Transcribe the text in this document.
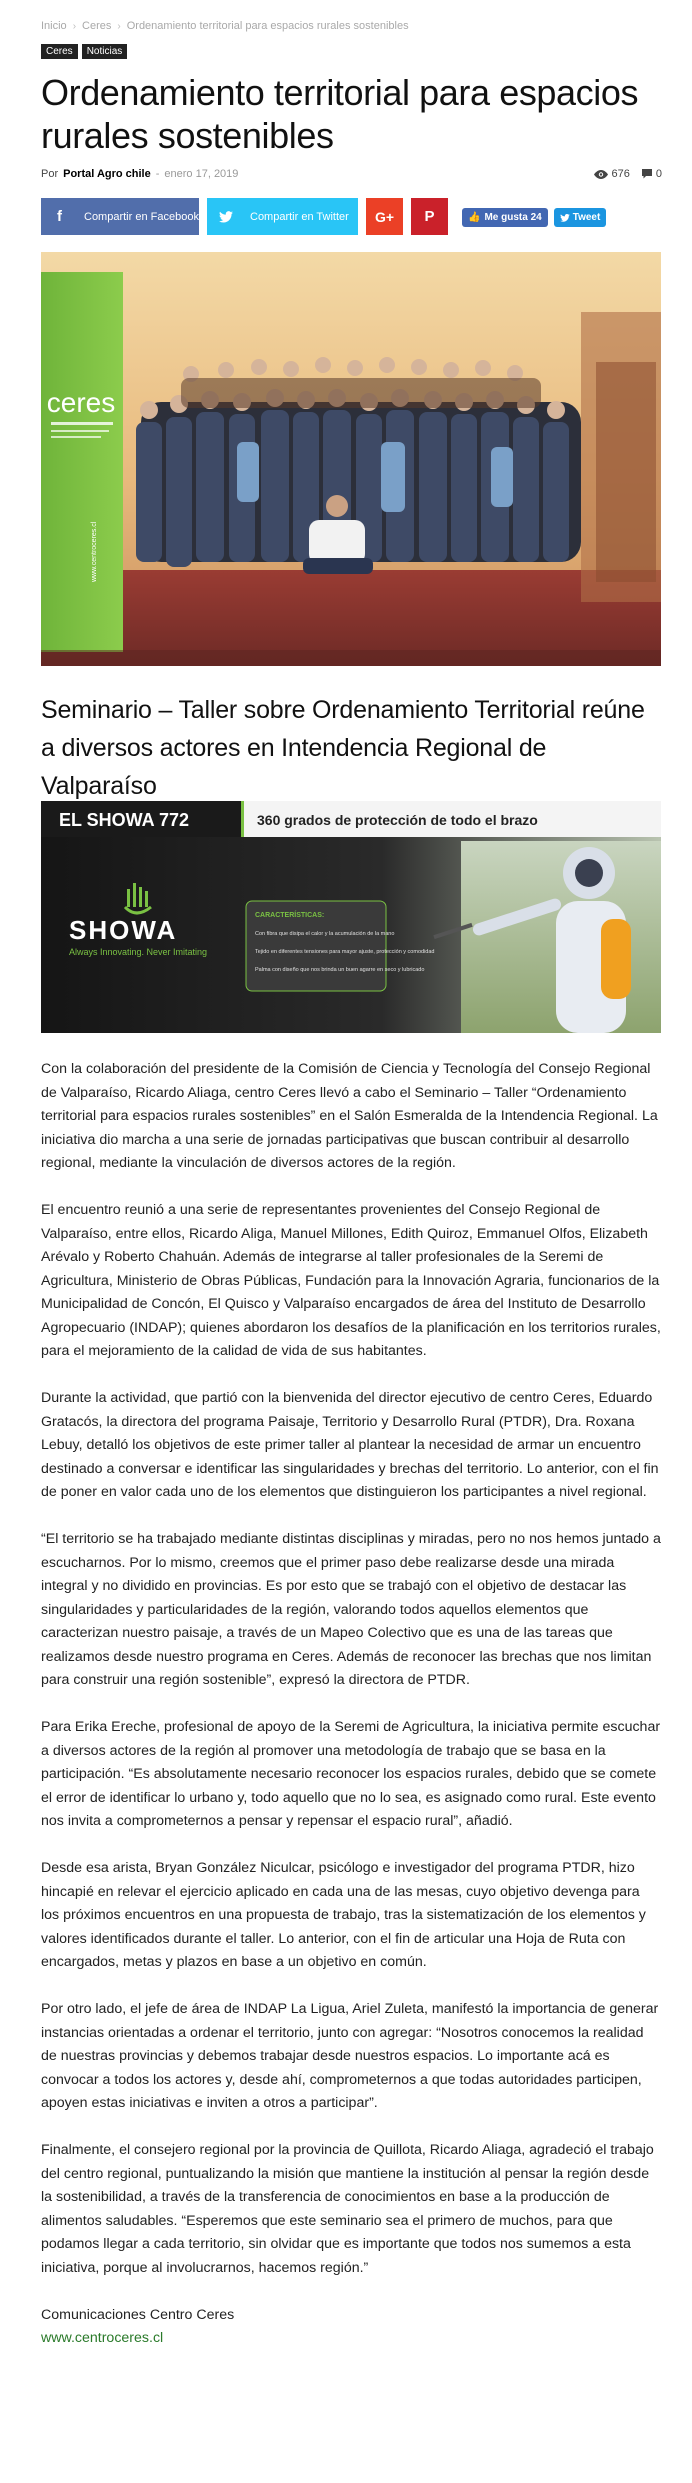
Inicio › Ceres › Ordenamiento territorial para espacios rurales sostenibles
Ceres	Noticias
Ordenamiento territorial para espacios rurales sostenibles
Por Portal Agro chile - enero 17, 2019	676 0
f	Compartir en Facebook	Compartir en Twitter G+ P	👍 Me gusta 24	Tweet
ceres
www.centroceres.cl
Seminario – Taller sobre Ordenamiento Territorial reúne a diversos actores en Intendencia Regional de Valparaíso
EL SHOWA 772	360 grados de protección de todo el brazo
SHOWA
Always Innovating. Never Imitating
CARACTERÍSTICAS:
Con fibra que disipa el calor y la acumulación de la mano
Tejido en diferentes tensiones para mayor ajuste, protección y comodidad
Palma con diseño que nos brinda un buen agarre en seco y lubricado

Con la colaboración del presidente de la Comisión de Ciencia y Tecnología del Consejo Regional de Valparaíso, Ricardo Aliaga, centro Ceres llevó a cabo el Seminario – Taller “Ordenamiento territorial para espacios rurales sostenibles” en el Salón Esmeralda de la Intendencia Regional. La iniciativa dio marcha a una serie de jornadas participativas que buscan contribuir al desarrollo regional, mediante la vinculación de diversos actores de la región.

El encuentro reunió a una serie de representantes provenientes del Consejo Regional de Valparaíso, entre ellos, Ricardo Aliga, Manuel Millones, Edith Quiroz, Emmanuel Olfos, Elizabeth Arévalo y Roberto Chahuán. Además de integrarse al taller profesionales de la Seremi de Agricultura, Ministerio de Obras Públicas, Fundación para la Innovación Agraria, funcionarios de la Municipalidad de Concón, El Quisco y Valparaíso encargados de área del Instituto de Desarrollo Agropecuario (INDAP); quienes abordaron los desafíos de la planificación en los territorios rurales, para el mejoramiento de la calidad de vida de sus habitantes.

Durante la actividad, que partió con la bienvenida del director ejecutivo de centro Ceres, Eduardo Gratacós, la directora del programa Paisaje, Territorio y Desarrollo Rural (PTDR), Dra. Roxana Lebuy, detalló los objetivos de este primer taller al plantear la necesidad de armar un encuentro destinado a conversar e identificar las singularidades y brechas del territorio. Lo anterior, con el fin de poner en valor cada uno de los elementos que distinguieron los participantes a nivel regional.

“El territorio se ha trabajado mediante distintas disciplinas y miradas, pero no nos hemos juntado a escucharnos. Por lo mismo, creemos que el primer paso debe realizarse desde una mirada integral y no dividido en provincias. Es por esto que se trabajó con el objetivo de destacar las singularidades y particularidades de la región, valorando todos aquellos elementos que caracterizan nuestro paisaje, a través de un Mapeo Colectivo que es una de las tareas que realizamos desde nuestro programa en Ceres. Además de reconocer las brechas que nos limitan para construir una región sostenible”, expresó la directora de PTDR.

Para Erika Ereche, profesional de apoyo de la Seremi de Agricultura, la iniciativa permite escuchar a diversos actores de la región al promover una metodología de trabajo que se basa en la participación. “Es absolutamente necesario reconocer los espacios rurales, debido que se comete el error de identificar lo urbano y, todo aquello que no lo sea, es asignado como rural. Este evento nos invita a comprometernos a pensar y repensar el espacio rural”, añadió.

Desde esa arista, Bryan González Niculcar, psicólogo e investigador del programa PTDR, hizo hincapié en relevar el ejercicio aplicado en cada una de las mesas, cuyo objetivo devenga para los próximos encuentros en una propuesta de trabajo, tras la sistematización de los elementos y valores identificados durante el taller. Lo anterior, con el fin de articular una Hoja de Ruta con encargados, metas y plazos en base a un objetivo en común.

Por otro lado, el jefe de área de INDAP La Ligua, Ariel Zuleta, manifestó la importancia de generar instancias orientadas a ordenar el territorio, junto con agregar: “Nosotros conocemos la realidad de nuestras provincias y debemos trabajar desde nuestros espacios. Lo importante acá es convocar a todos los actores y, desde ahí, comprometernos a que todas autoridades participen, apoyen estas iniciativas e inviten a otros a participar”.

Finalmente, el consejero regional por la provincia de Quillota, Ricardo Aliaga, agradeció el trabajo del centro regional, puntualizando la misión que mantiene la institución al pensar la región desde la sostenibilidad, a través de la transferencia de conocimientos en base a la producción de alimentos saludables. “Esperemos que este seminario sea el primero de muchos, para que podamos llegar a cada territorio, sin olvidar que es importante que todos nos sumemos a esta iniciativa, porque al involucrarnos, hacemos región.”

Comunicaciones Centro Ceres
www.centroceres.cl
